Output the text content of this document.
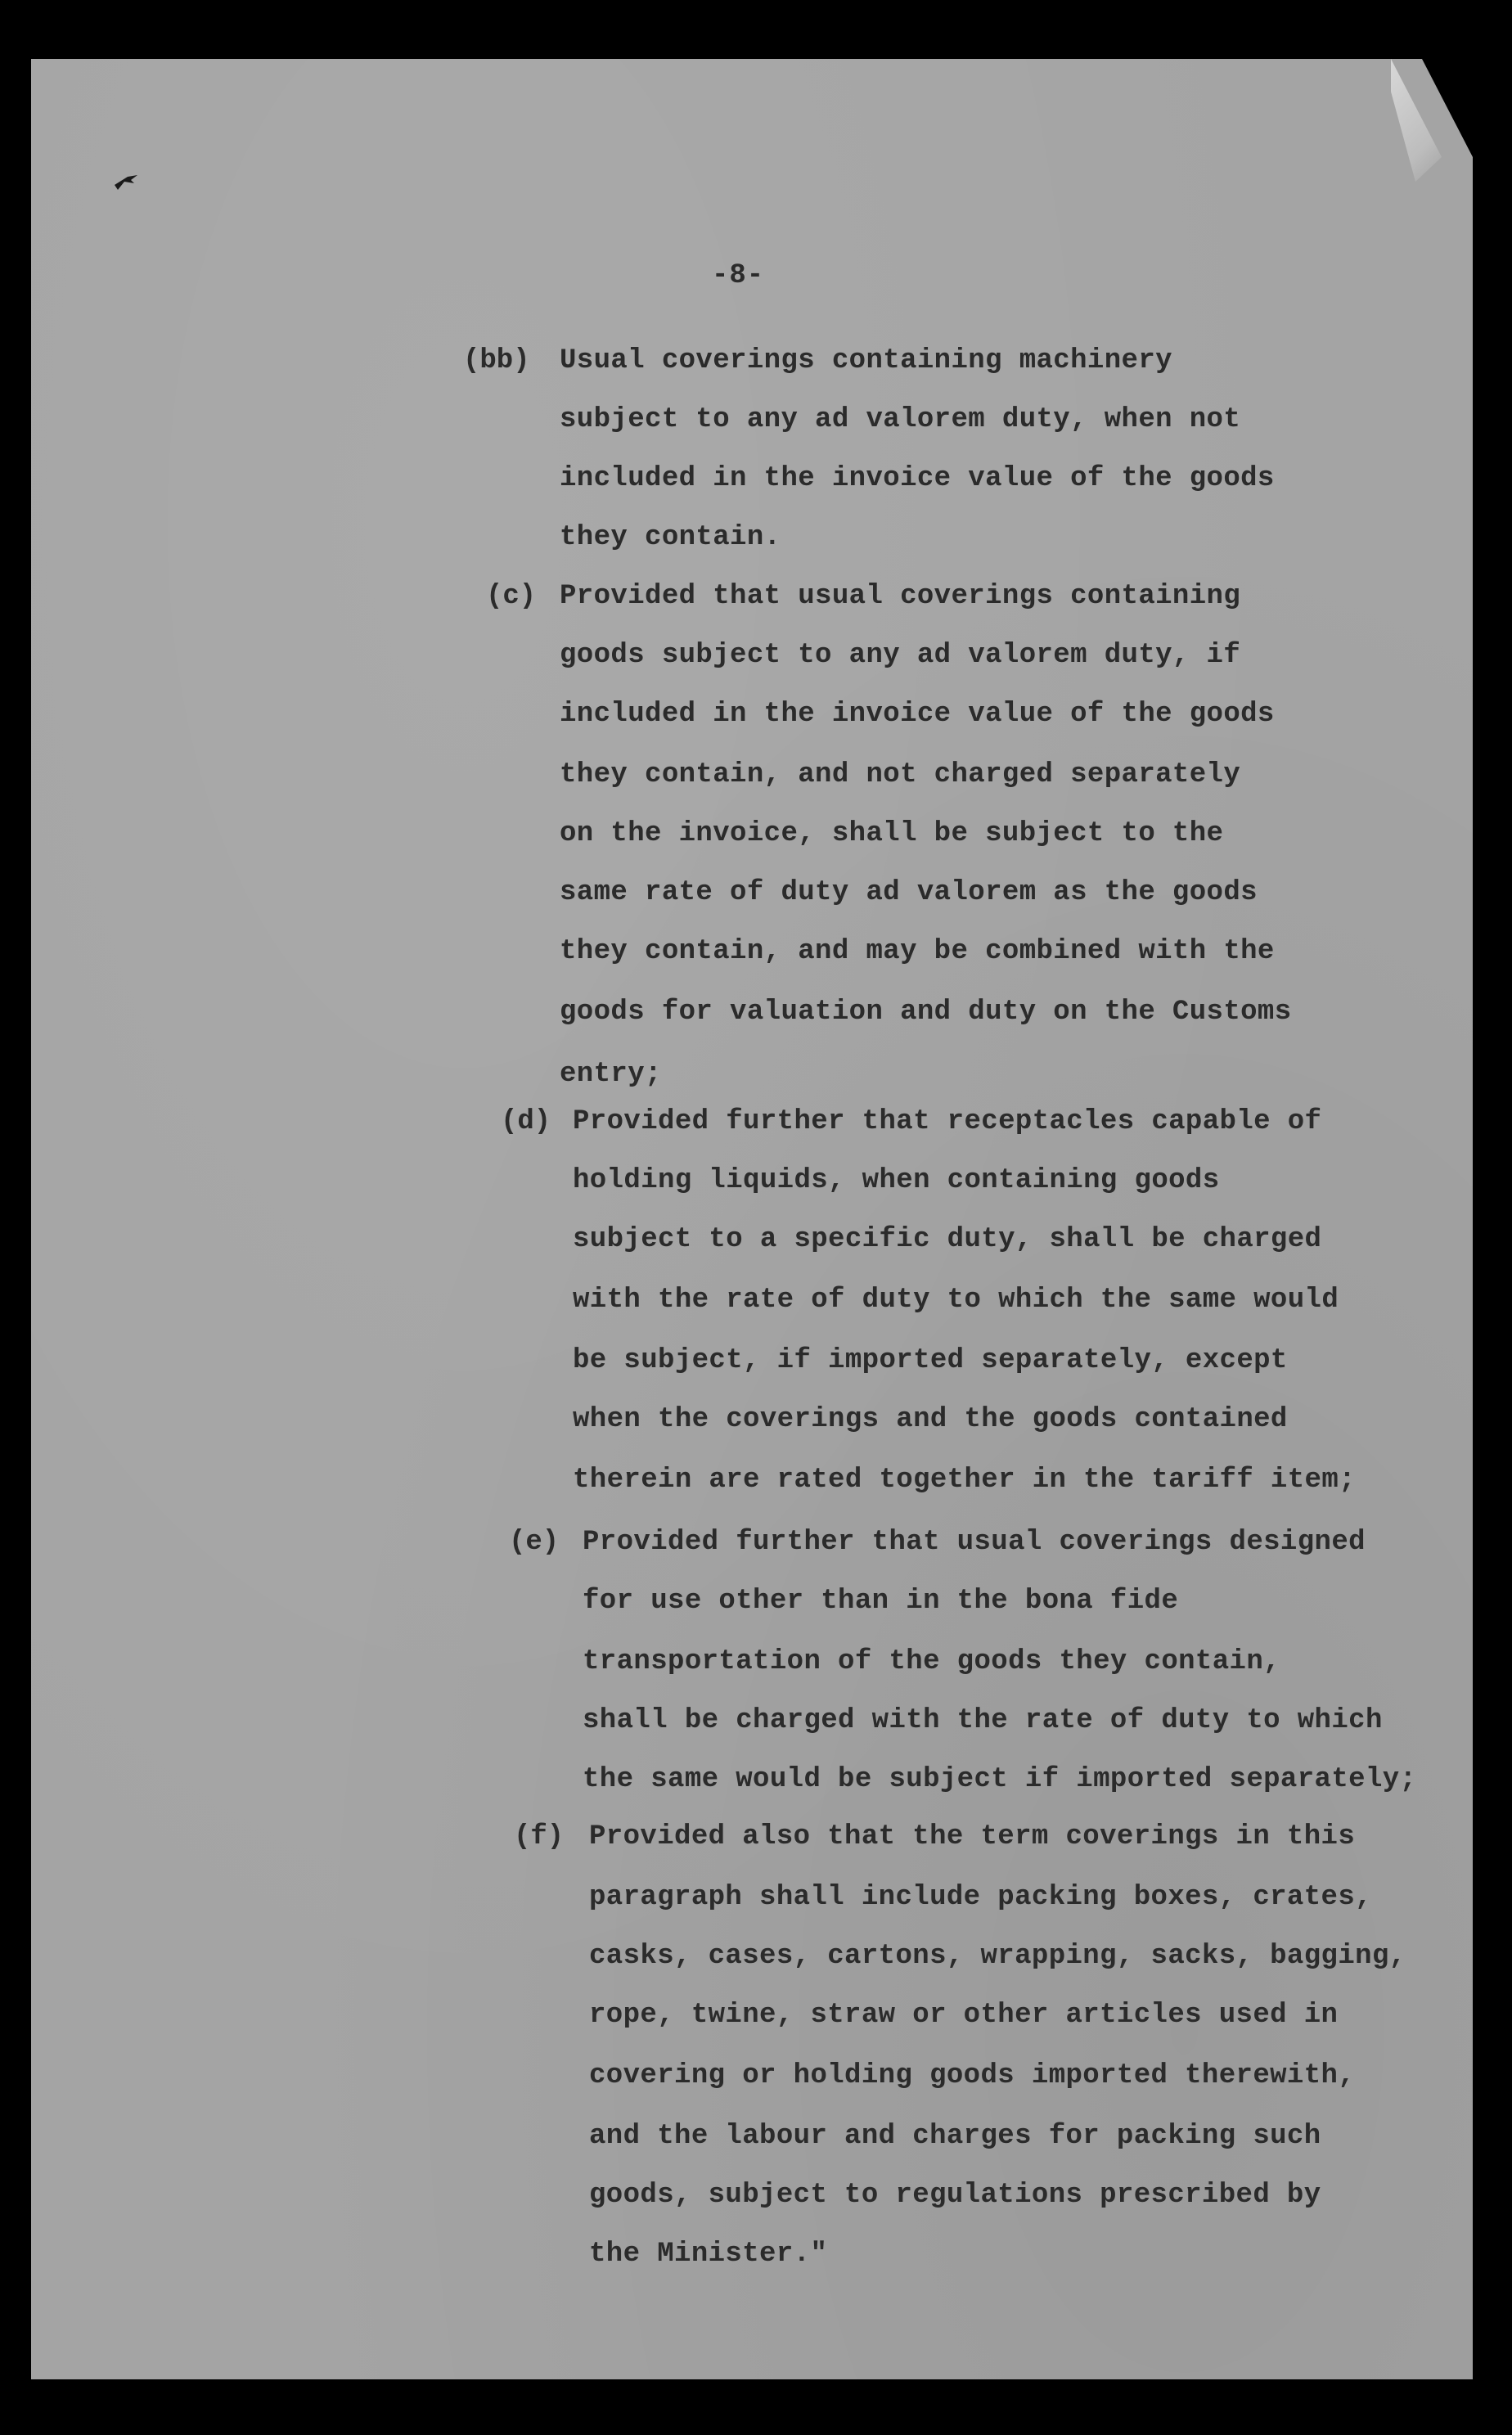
-8-
(bb) Usual coverings containing machinery
subject to any ad valorem duty, when not
included in the invoice value of the goods
they contain.
(c) Provided that usual coverings containing
goods subject to any ad valorem duty, if
included in the invoice value of the goods
they contain, and not charged separately
on the invoice, shall be subject to the
same rate of duty ad valorem as the goods
they contain, and may be combined with the
goods for valuation and duty on the Customs
entry;
(d) Provided further that receptacles capable of
holding liquids, when containing goods
subject to a specific duty, shall be charged
with the rate of duty to which the same would
be subject, if imported separately, except
when the coverings and the goods contained
therein are rated together in the tariff item;
(e) Provided further that usual coverings designed
for use other than in the bona fide
transportation of the goods they contain,
shall be charged with the rate of duty to which
the same would be subject if imported separately;
(f) Provided also that the term coverings in this
paragraph shall include packing boxes, crates,
casks, cases, cartons, wrapping, sacks, bagging,
rope, twine, straw or other articles used in
covering or holding goods imported therewith,
and the labour and charges for packing such
goods, subject to regulations prescribed by
the Minister."
